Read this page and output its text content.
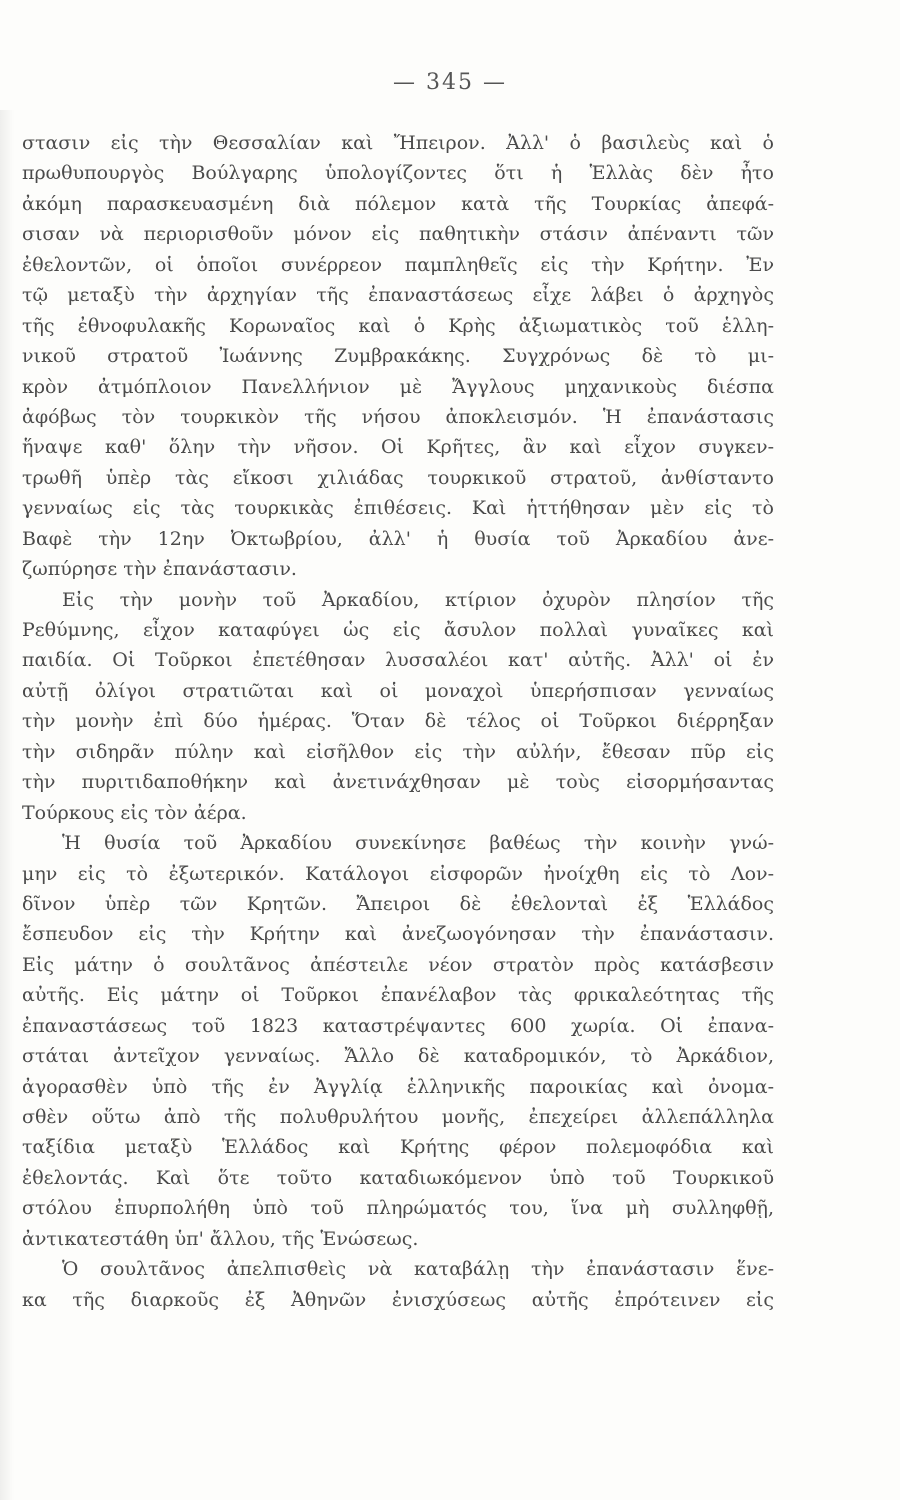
— 345 —
στασιν εἰς τὴν Θεσσαλίαν καὶ Ἤπειρον. Ἀλλ' ὁ βασιλεὺς καὶ ὁ
πρωθυπουργὸς Βούλγαρης ὑπολογίζοντες ὅτι ἡ Ἑλλὰς δὲν ἦτο
ἀκόμη παρασκευασμένη διὰ πόλεμον κατὰ τῆς Τουρκίας ἀπεφά-
σισαν νὰ περιορισθοῦν μόνον εἰς παθητικὴν στάσιν ἀπέναντι τῶν
ἐθελοντῶν, οἱ ὁποῖοι συνέρρεον παμπληθεῖς εἰς τὴν Κρήτην. Ἐν
τῷ μεταξὺ τὴν ἀρχηγίαν τῆς ἐπαναστάσεως εἶχε λάβει ὁ ἀρχηγὸς
τῆς ἐθνοφυλακῆς Κορωναῖος καὶ ὁ Κρὴς ἀξιωματικὸς τοῦ ἑλλη-
νικοῦ στρατοῦ Ἰωάννης Ζυμβρακάκης. Συγχρόνως δὲ τὸ μι-
κρὸν ἀτμόπλοιον Πανελλήνιον μὲ Ἄγγλους μηχανικοὺς διέσπα
ἀφόβως τὸν τουρκικὸν τῆς νήσου ἀποκλεισμόν. Ἡ ἐπανάστασις
ἥναψε καθ' ὅλην τὴν νῆσον. Οἱ Κρῆτες, ἂν καὶ εἶχον συγκεν-
τρωθῆ ὑπὲρ τὰς εἴκοσι χιλιάδας τουρκικοῦ στρατοῦ, ἀνθίσταντο
γενναίως εἰς τὰς τουρκικὰς ἐπιθέσεις. Καὶ ἡττήθησαν μὲν εἰς τὸ
Βαφὲ τὴν 12ην Ὀκτωβρίου, ἀλλ' ἡ θυσία τοῦ Ἀρκαδίου ἀνε-
ζωπύρησε τὴν ἐπανάστασιν.
Εἰς τὴν μονὴν τοῦ Ἀρκαδίου, κτίριον ὀχυρὸν πλησίον τῆς
Ρεθύμνης, εἶχον καταφύγει ὡς εἰς ἄσυλον πολλαὶ γυναῖκες καὶ
παιδία. Οἱ Τοῦρκοι ἐπετέθησαν λυσσαλέοι κατ' αὐτῆς. Ἀλλ' οἱ ἐν
αὐτῇ ὀλίγοι στρατιῶται καὶ οἱ μοναχοὶ ὑπερήσπισαν γενναίως
τὴν μονὴν ἐπὶ δύο ἡμέρας. Ὅταν δὲ τέλος οἱ Τοῦρκοι διέρρηξαν
τὴν σιδηρᾶν πύλην καὶ εἰσῆλθον εἰς τὴν αὐλήν, ἔθεσαν πῦρ εἰς
τὴν πυριτιδαποθήκην καὶ ἀνετινάχθησαν μὲ τοὺς εἰσορμήσαντας
Τούρκους εἰς τὸν ἀέρα.
Ἡ θυσία τοῦ Ἀρκαδίου συνεκίνησε βαθέως τὴν κοινὴν γνώ-
μην εἰς τὸ ἐξωτερικόν. Κατάλογοι εἰσφορῶν ἠνοίχθη εἰς τὸ Λον-
δῖνον ὑπὲρ τῶν Κρητῶν. Ἄπειροι δὲ ἐθελονταὶ ἐξ Ἑλλάδος
ἔσπευδον εἰς τὴν Κρήτην καὶ ἀνεζωογόνησαν τὴν ἐπανάστασιν.
Εἰς μάτην ὁ σουλτᾶνος ἀπέστειλε νέον στρατὸν πρὸς κατάσβεσιν
αὐτῆς. Εἰς μάτην οἱ Τοῦρκοι ἐπανέλαβον τὰς φρικαλεότητας τῆς
ἐπαναστάσεως τοῦ 1823 καταστρέψαντες 600 χωρία. Οἱ ἐπανα-
στάται ἀντεῖχον γενναίως. Ἄλλο δὲ καταδρομικόν, τὸ Ἀρκάδιον,
ἀγορασθὲν ὑπὸ τῆς ἐν Ἀγγλίᾳ ἑλληνικῆς παροικίας καὶ ὀνομα-
σθὲν οὕτω ἀπὸ τῆς πολυθρυλήτου μονῆς, ἐπεχείρει ἀλλεπάλληλα
ταξίδια μεταξὺ Ἑλλάδος καὶ Κρήτης φέρον πολεμοφόδια καὶ
ἐθελοντάς. Καὶ ὅτε τοῦτο καταδιωκόμενον ὑπὸ τοῦ Τουρκικοῦ
στόλου ἐπυρπολήθη ὑπὸ τοῦ πληρώματός του, ἵνα μὴ συλληφθῇ,
ἀντικατεστάθη ὑπ' ἄλλου, τῆς Ἑνώσεως.
Ὁ σουλτᾶνος ἀπελπισθεὶς νὰ καταβάλῃ τὴν ἐπανάστασιν ἕνε-
κα τῆς διαρκοῦς ἐξ Ἀθηνῶν ἐνισχύσεως αὐτῆς ἐπρότεινεν εἰς
